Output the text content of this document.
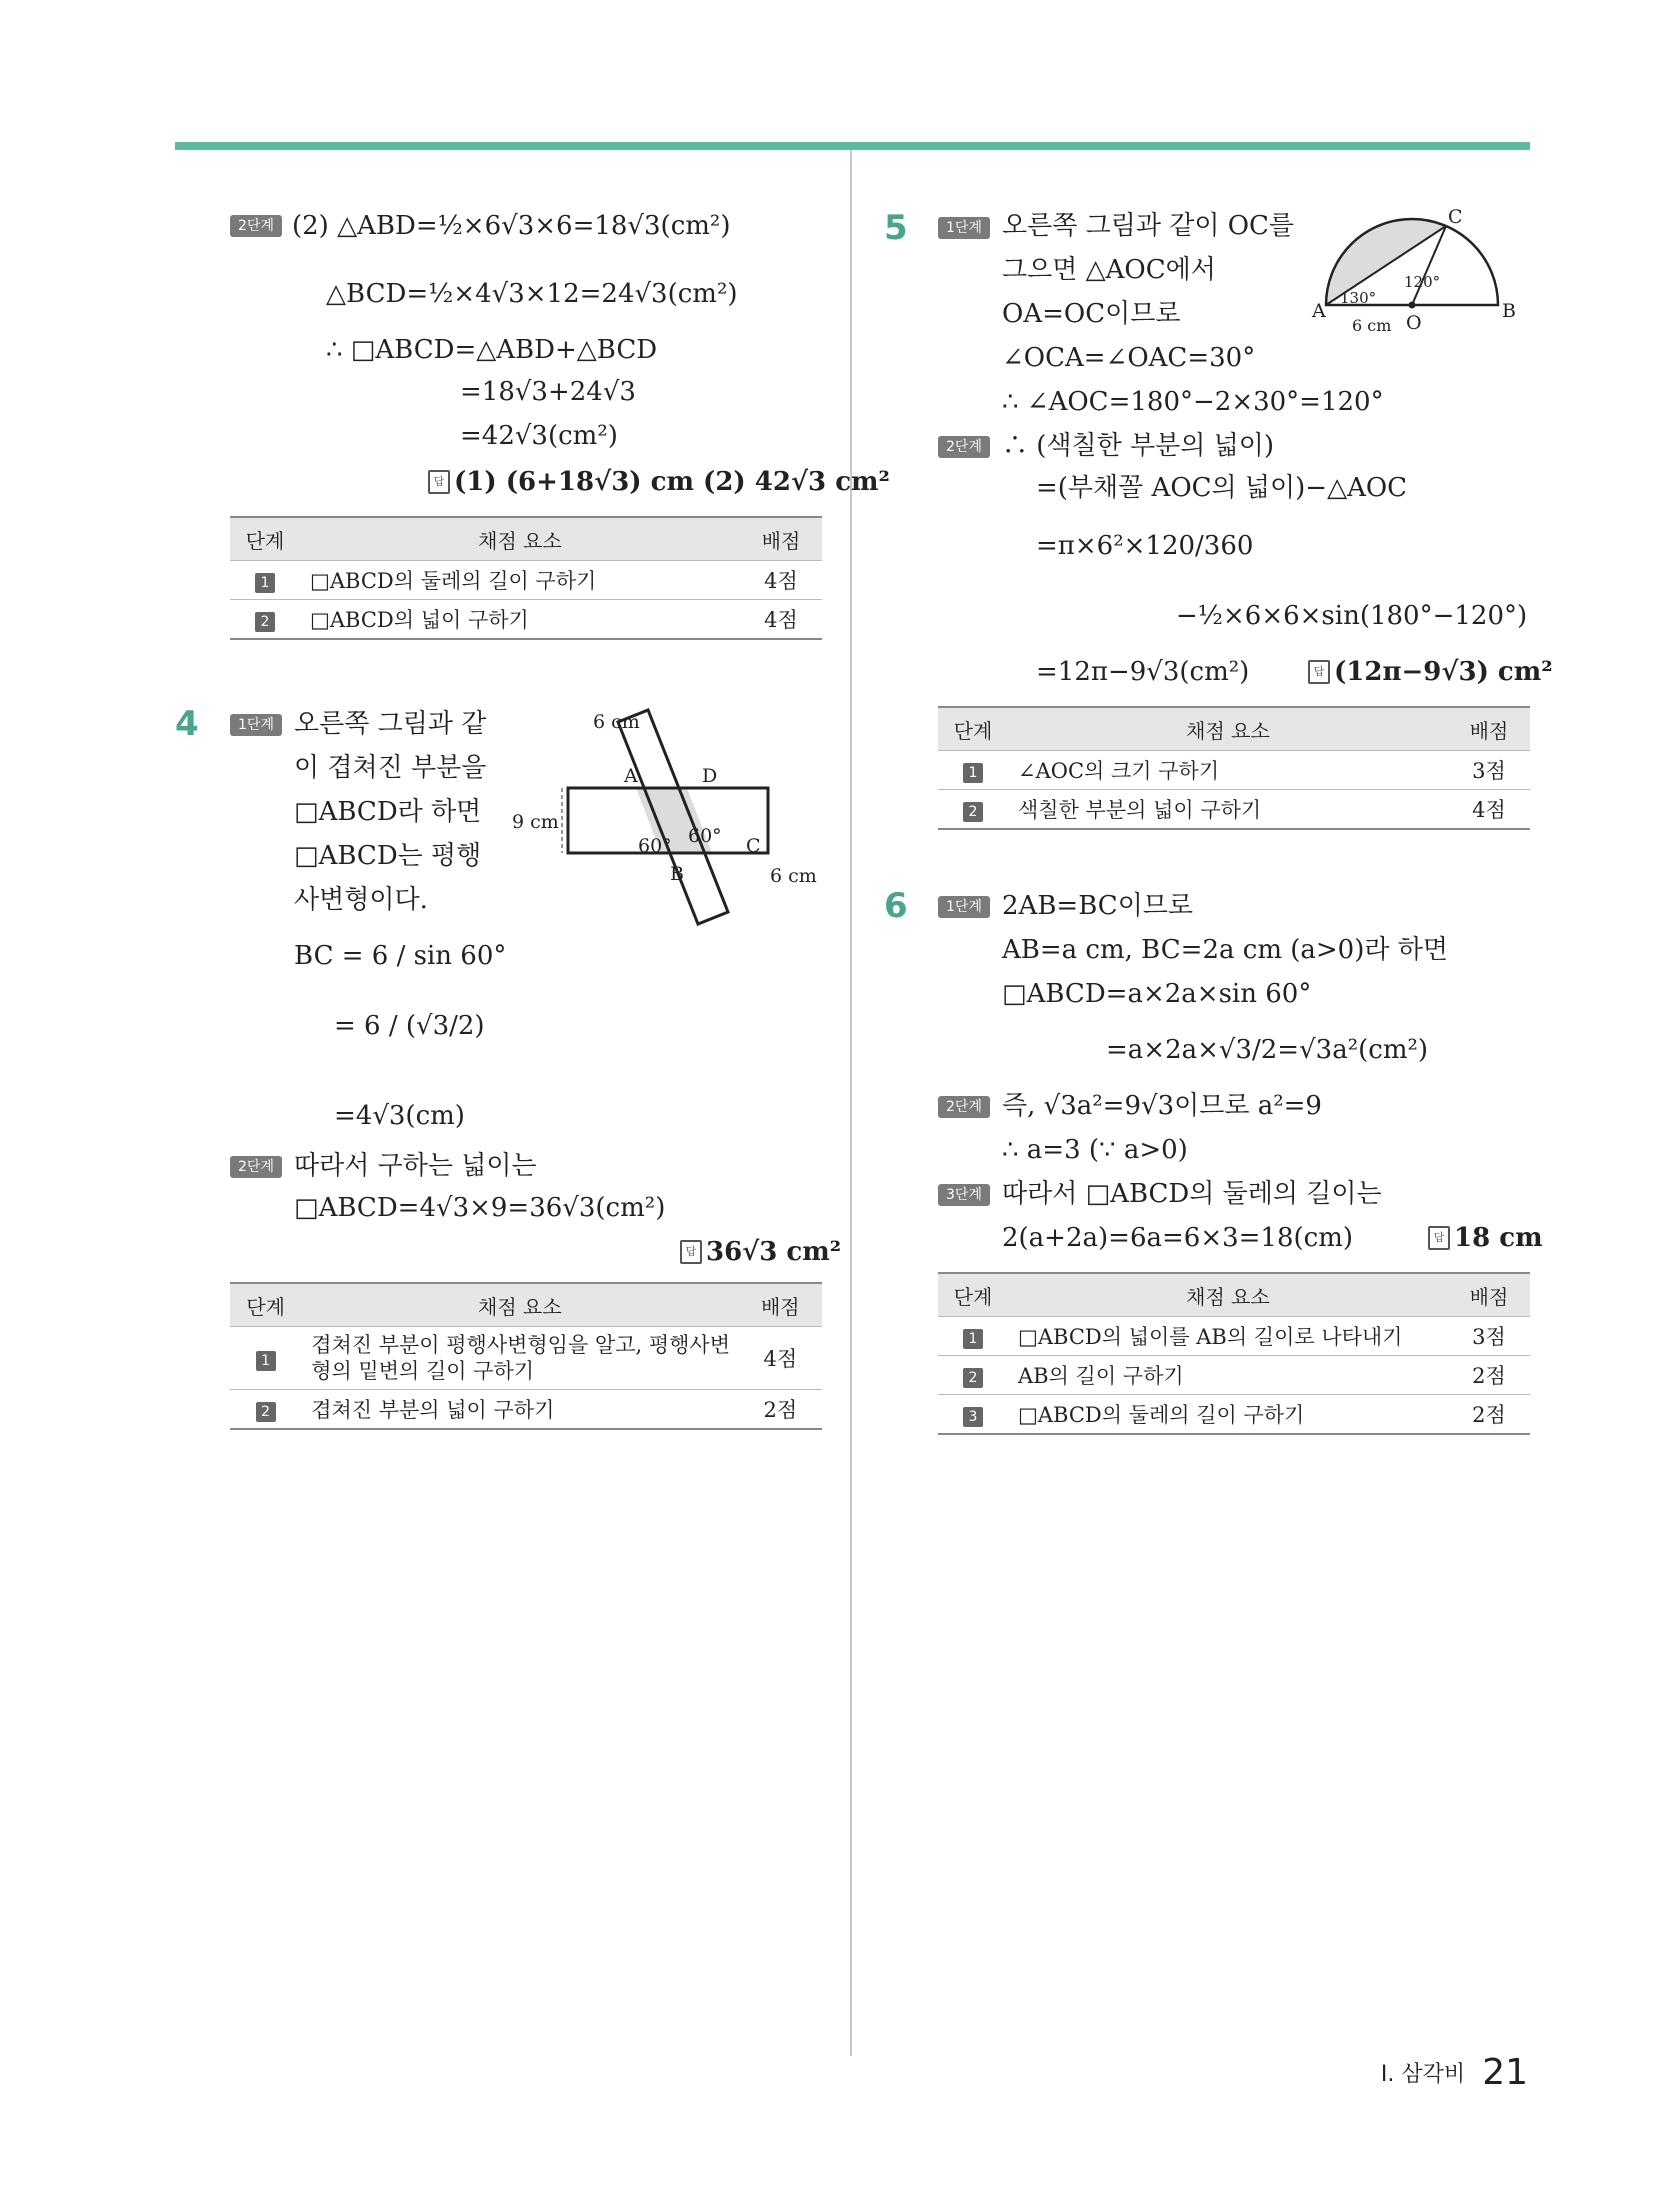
2단계 (2) △ABD=½×6√3×6=18√3(cm²)
△BCD=½×4√3×12=24√3(cm²)
∴ □ABCD=△ABD+△BCD
=18√3+24√3
=42√3(cm²)
답 (1) (6+18√3) cm (2) 42√3 cm²
단계	채점 요소	배점
1	□ABCD의 둘레의 길이 구하기	4점
2	□ABCD의 넓이 구하기	4점
4	1단계 오른쪽 그림과 같
이 겹쳐진 부분을
□ABCD라 하면
□ABCD는 평행
사변형이다.
BC = 6 / sin 60°
= 6 / (√3/2)
=4√3(cm)
2단계 따라서 구하는 넓이는
□ABCD=4√3×9=36√3(cm²)
답 36√3 cm²
6 cm
A	D
9 cm
60° 60°
B
C
6 cm
단계	채점 요소	배점
1	겹쳐진 부분이 평행사변형임을 알고, 평행사변형의 밑변의 길이 구하기	4점
2	겹쳐진 부분의 넓이 구하기	2점
5	1단계 오른쪽 그림과 같이 OC를
그으면 △AOC에서
OA=OC이므로
∠OCA=∠OAC=30°
∴ ∠AOC=180°−2×30°=120°
2단계 ∴ (색칠한 부분의 넓이)
=(부채꼴 AOC의 넓이)−△AOC
=π×6²×120/360
−½×6×6×sin(180°−120°)
=12π−9√3(cm²)	답 (12π−9√3) cm²
C
A	B
O
130°
120°
6 cm
단계	채점 요소	배점
1	∠AOC의 크기 구하기	3점
2	색칠한 부분의 넓이 구하기	4점
6	1단계 2AB=BC이므로
AB=a cm, BC=2a cm (a>0)라 하면
□ABCD=a×2a×sin 60°
=a×2a×√3/2=√3a²(cm²)
2단계 즉, √3a²=9√3이므로 a²=9
∴ a=3 (∵ a>0)
3단계 따라서 □ABCD의 둘레의 길이는
2(a+2a)=6a=6×3=18(cm)	답 18 cm
단계	채점 요소	배점
1	□ABCD의 넓이를 AB의 길이로 나타내기	3점
2	AB의 길이 구하기	2점
3	□ABCD의 둘레의 길이 구하기	2점
Ⅰ. 삼각비 21
